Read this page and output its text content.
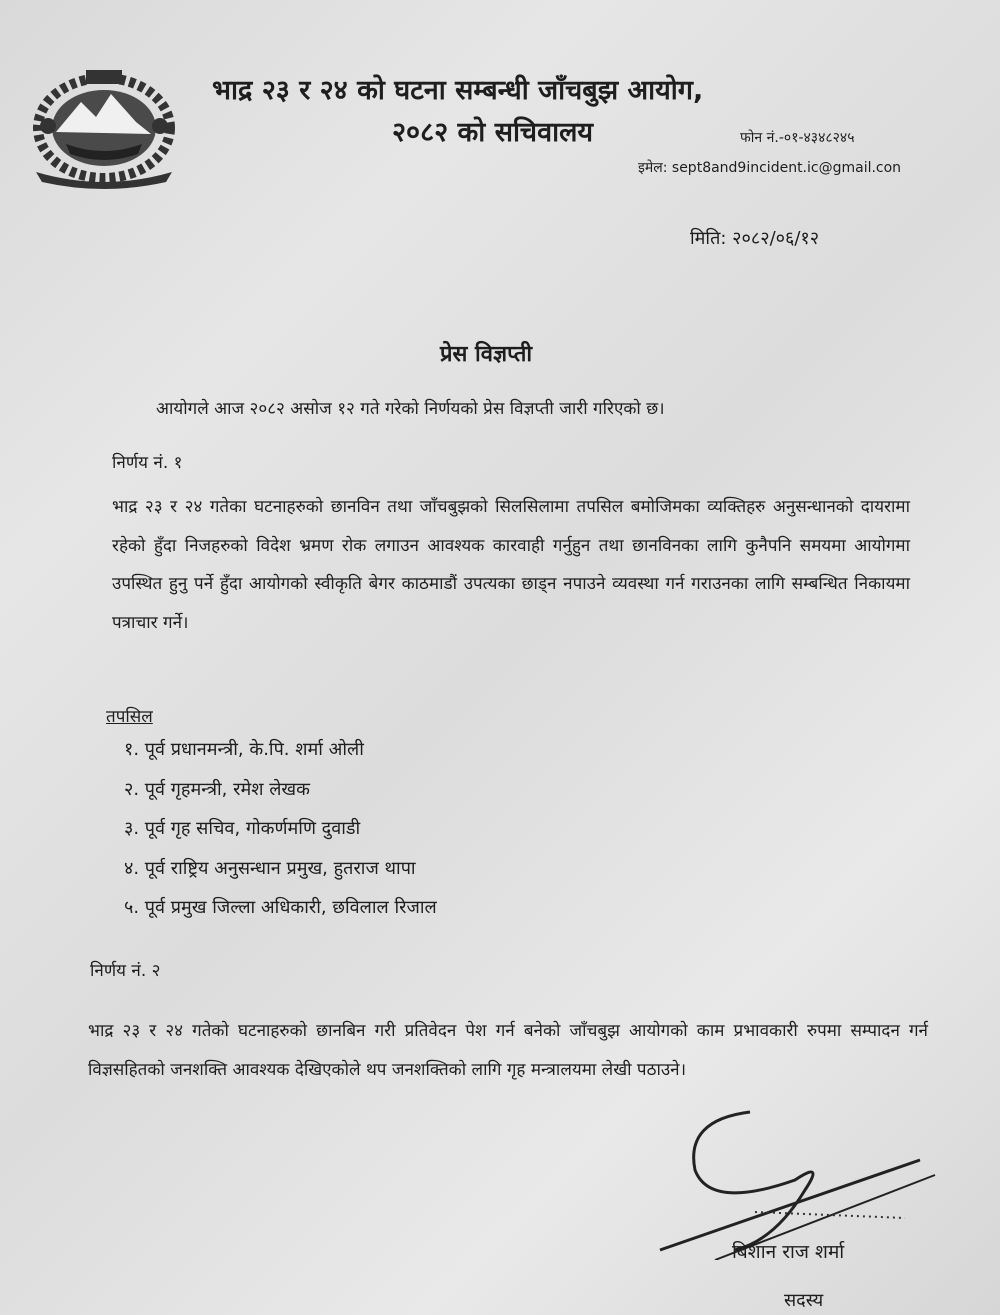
भाद्र २३ र २४ को घटना सम्बन्धी जाँचबुझ आयोग,
२०८२ को सचिवालय	फोन नं.-०१-४३४८२४५
इमेल: sept8and9incident.ic@gmail.con
मिति: २०८२/०६/१२
प्रेस विज्ञप्ती
आयोगले आज २०८२ असोज १२ गते गरेको निर्णयको प्रेस विज्ञप्ती जारी गरिएको छ।
निर्णय नं. १
भाद्र २३ र २४ गतेका घटनाहरुको छानविन तथा जाँचबुझको सिलसिलामा तपसिल बमोजिमका व्यक्तिहरु अनुसन्धानको दायरामा रहेको हुँदा निजहरुको विदेश भ्रमण रोक लगाउन आवश्यक कारवाही गर्नुहुन तथा छानविनका लागि कुनैपनि समयमा आयोगमा उपस्थित हुनु पर्ने हुँदा आयोगको स्वीकृति बेगर काठमाडौं उपत्यका छाड्न नपाउने व्यवस्था गर्न गराउनका लागि सम्बन्धित निकायमा पत्राचार गर्ने।
तपसिल
१. पूर्व प्रधानमन्त्री, के.पि. शर्मा ओली
२. पूर्व गृहमन्त्री, रमेश लेखक
३. पूर्व गृह सचिव, गोकर्णमणि दुवाडी
४. पूर्व राष्ट्रिय अनुसन्धान प्रमुख, हुतराज थापा
५. पूर्व प्रमुख जिल्ला अधिकारी, छविलाल रिजाल
निर्णय नं. २
भाद्र २३ र २४ गतेको घटनाहरुको छानबिन गरी प्रतिवेदन पेश गर्न बनेको जाँचबुझ आयोगको काम प्रभावकारी रुपमा सम्पादन गर्न विज्ञसहितको जनशक्ति आवश्यक देखिएकोले थप जनशक्तिको लागि गृह मन्त्रालयमा लेखी पठाउने।
बिशान राज शर्मा
सदस्य
